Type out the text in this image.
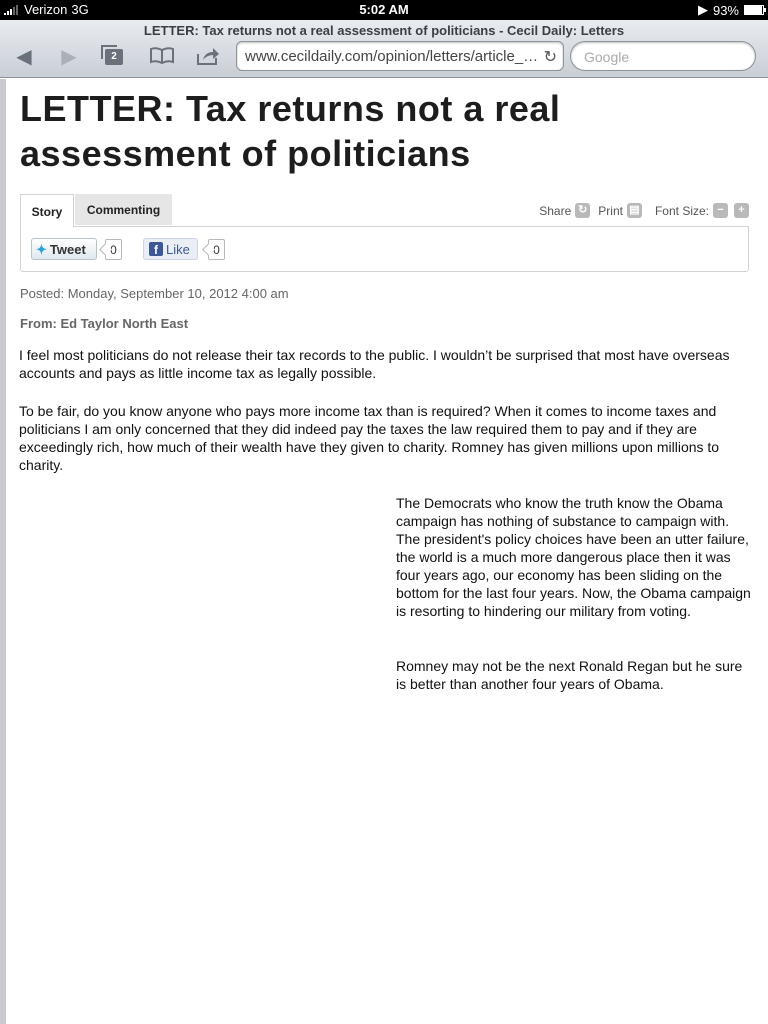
Verizon 3G	5:02 AM	▶ 93%
LETTER: Tax returns not a real assessment of politicians - Cecil Daily: Letters
◀	▶	2	www.cecildaily.com/opinion/letters/article_… ↻	Google
LETTER: Tax returns not a real assessment of politicians
Story	Commenting	Share ↻ Print ▤ Font Size: −	+
✦ Tweet	0	f Like	0
Posted: Monday, September 10, 2012 4:00 am
From: Ed Taylor North East

I feel most politicians do not release their tax records to the public. I wouldn’t be surprised that most have overseas accounts and pays as little income tax as legally possible.

To be fair, do you know anyone who pays more income tax than is required? When it comes to income taxes and politicians I am only concerned that they did indeed pay the taxes the law required them to pay and if they are exceedingly rich, how much of their wealth have they given to charity. Romney has given millions upon millions to charity.

The Democrats who know the truth know the Obama campaign has nothing of substance to campaign with. The president's policy choices have been an utter failure, the world is a much more dangerous place then it was four years ago, our economy has been sliding on the bottom for the last four years. Now, the Obama campaign is resorting to hindering our military from voting.

Romney may not be the next Ronald Regan but he sure is better than another four years of Obama.
